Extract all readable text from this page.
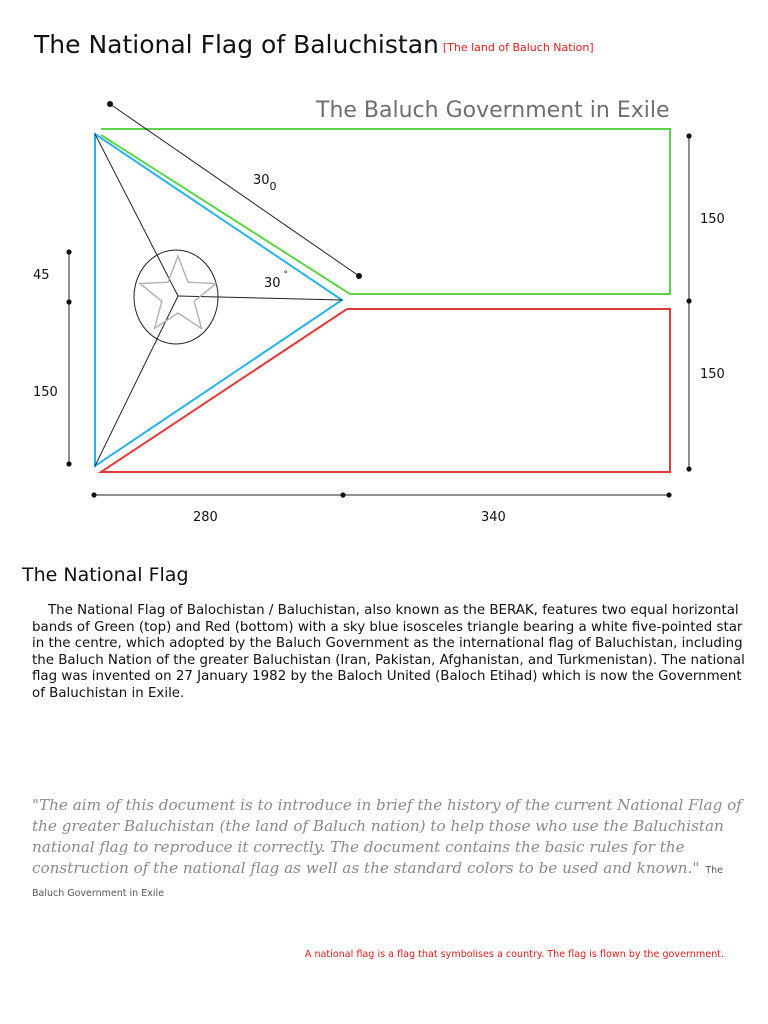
The National Flag of Baluchistan [The land of Baluch Nation]
The Baluch Government in Exile
$30_0$
30°
45
150
150
150
280	340
The National Flag
The National Flag of Balochistan / Baluchistan, also known as the BERAK, features two equal horizontal bands of Green (top) and Red (bottom) with a sky blue isosceles triangle bearing a white five-pointed star in the centre, which adopted by the Baluch Government as the international flag of Baluchistan, including the Baluch Nation of the greater Baluchistan (Iran, Pakistan, Afghanistan, and Turkmenistan). The national flag was invented on 27 January 1982 by the Baloch United (Baloch Etihad) which is now the Government of Baluchistan in Exile.
"The aim of this document is to introduce in brief the history of the current National Flag of the greater Baluchistan (the land of Baluch nation) to help those who use the Baluchistan national flag to reproduce it correctly. The document contains the basic rules for the construction of the national flag as well as the standard colors to be used and known." The Baluch Government in Exile
A national flag is a flag that symbolises a country. The flag is flown by the government.
